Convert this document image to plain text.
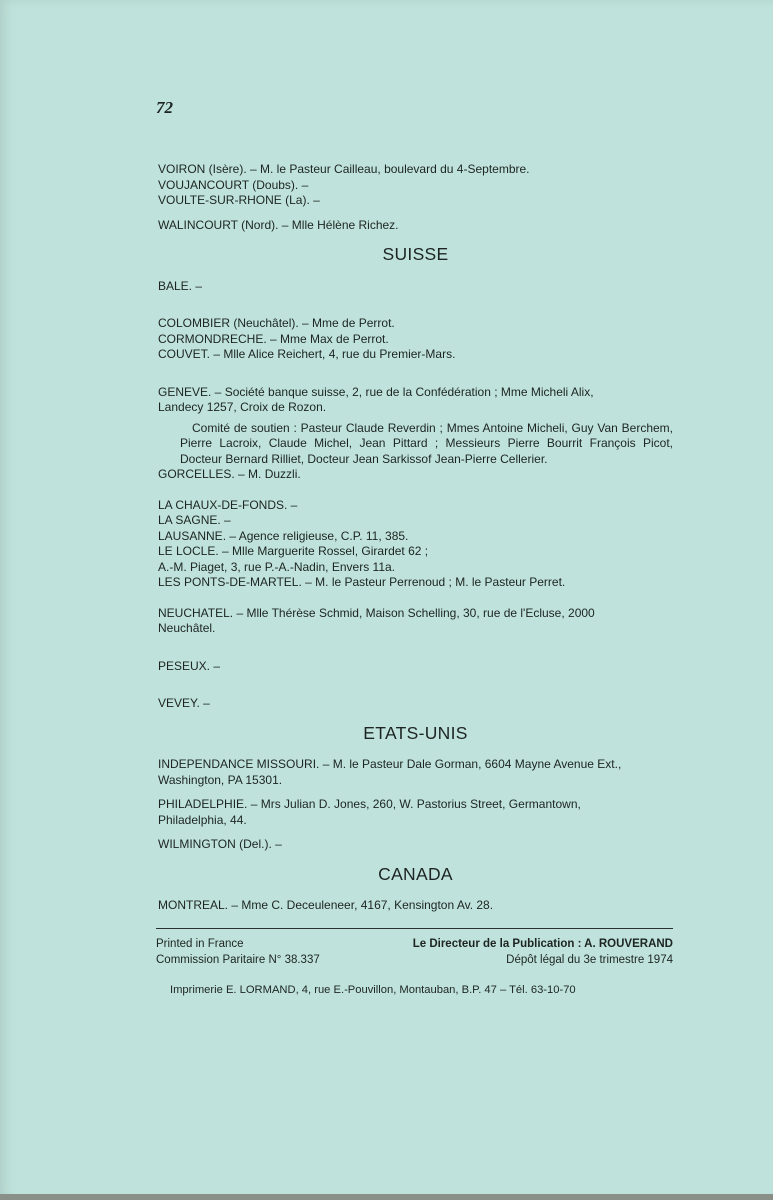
72

VOIRON (Isère). – M. le Pasteur Cailleau, boulevard du 4-Septembre.

VOUJANCOURT (Doubs). –

VOULTE-SUR-RHONE (La). –

WALINCOURT (Nord). – Mlle Hélène Richez.

SUISSE

BALE. –

COLOMBIER (Neuchâtel). – Mme de Perrot.

CORMONDRECHE. – Mme Max de Perrot.

COUVET. – Mlle Alice Reichert, 4, rue du Premier-Mars.

GENEVE. – Société banque suisse, 2, rue de la Confédération ; Mme Micheli Alix,

Landecy 1257, Croix de Rozon.

Comité de soutien : Pasteur Claude Reverdin ; Mmes Antoine Micheli, Guy Van Berchem, Pierre Lacroix, Claude Michel, Jean Pittard ; Messieurs Pierre Bourrit François Picot, Docteur Bernard Rilliet, Docteur Jean Sarkissof Jean-Pierre Cellerier.

GORCELLES. – M. Duzzli.

LA CHAUX-DE-FONDS. –

LA SAGNE. –

LAUSANNE. – Agence religieuse, C.P. 11, 385.

LE LOCLE. – Mlle Marguerite Rossel, Girardet 62 ;

A.-M. Piaget, 3, rue P.-A.-Nadin, Envers 11a.

LES PONTS-DE-MARTEL. – M. le Pasteur Perrenoud ; M. le Pasteur Perret.

NEUCHATEL. – Mlle Thérèse Schmid, Maison Schelling, 30, rue de l'Ecluse, 2000

Neuchâtel.

PESEUX. –

VEVEY. –

ETATS-UNIS

INDEPENDANCE MISSOURI. – M. le Pasteur Dale Gorman, 6604 Mayne Avenue Ext.,

Washington, PA 15301.

PHILADELPHIE. – Mrs Julian D. Jones, 260, W. Pastorius Street, Germantown,

Philadelphia, 44.

WILMINGTON (Del.). –

CANADA

MONTREAL. – Mme C. Deceuleneer, 4167, Kensington Av. 28.

Printed in France	Le Directeur de la Publication : A. ROUVERAND
Commission Paritaire N° 38.337	Dépôt légal du 3e trimestre 1974
Imprimerie E. LORMAND, 4, rue E.-Pouvillon, Montauban, B.P. 47 – Tél. 63-10-70
